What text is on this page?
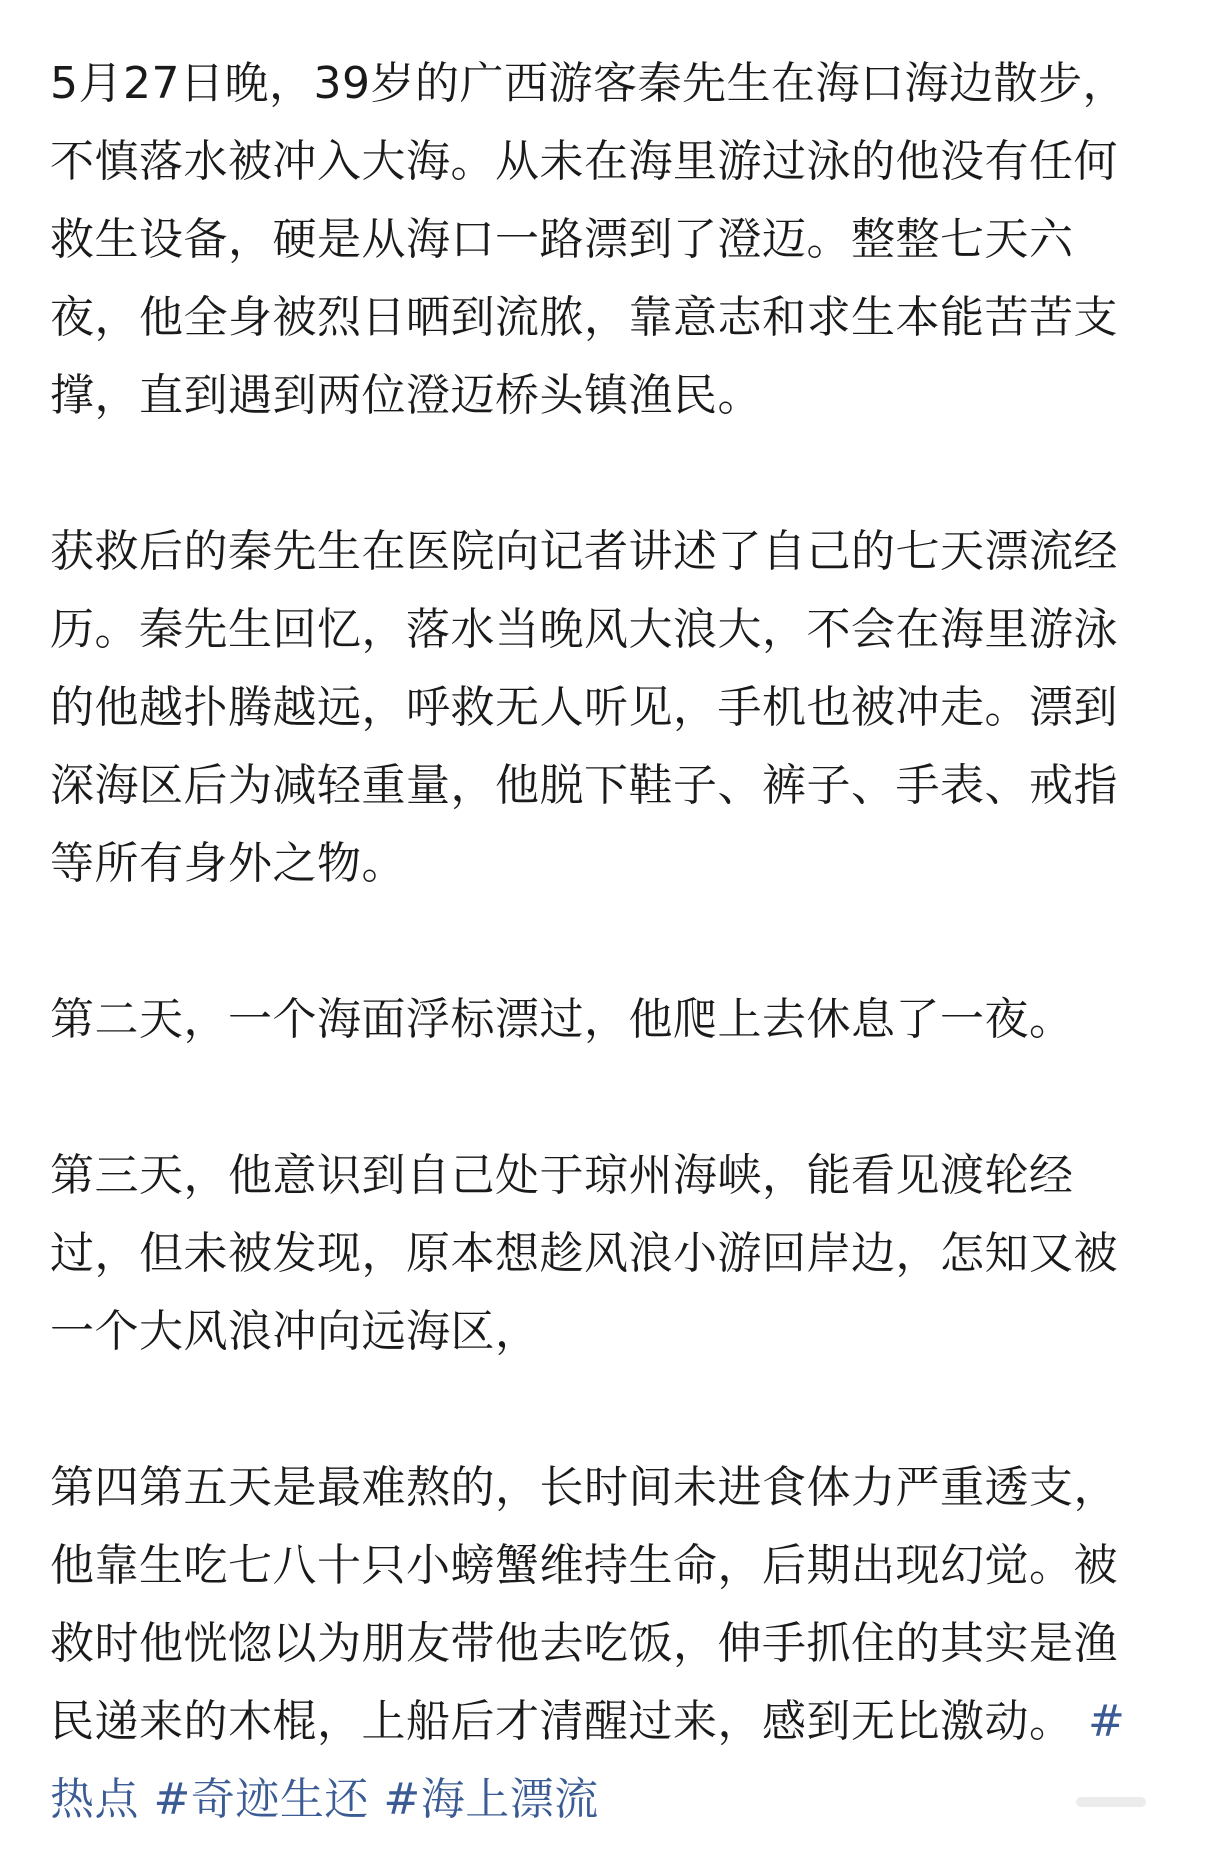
5月27日晚，39岁的广西游客秦先生在海口海边散步，不慎落水被冲入大海。从未在海里游过泳的他没有任何救生设备，硬是从海口一路漂到了澄迈。整整七天六夜，他全身被烈日晒到流脓，靠意志和求生本能苦苦支撑，直到遇到两位澄迈桥头镇渔民。

获救后的秦先生在医院向记者讲述了自己的七天漂流经历。秦先生回忆，落水当晚风大浪大，不会在海里游泳的他越扑腾越远，呼救无人听见，手机也被冲走。漂到深海区后为减轻重量，他脱下鞋子、裤子、手表、戒指等所有身外之物。

第二天，一个海面浮标漂过，他爬上去休息了一夜。

第三天，他意识到自己处于琼州海峡，能看见渡轮经过，但未被发现，原本想趁风浪小游回岸边，怎知又被一个大风浪冲向远海区，

第四第五天是最难熬的，长时间未进食体力严重透支，他靠生吃七八十只小螃蟹维持生命，后期出现幻觉。被救时他恍惚以为朋友带他去吃饭，伸手抓住的其实是渔民递来的木棍，上船后才清醒过来，感到无比激动。 #热点 #奇迹生还 #海上漂流
